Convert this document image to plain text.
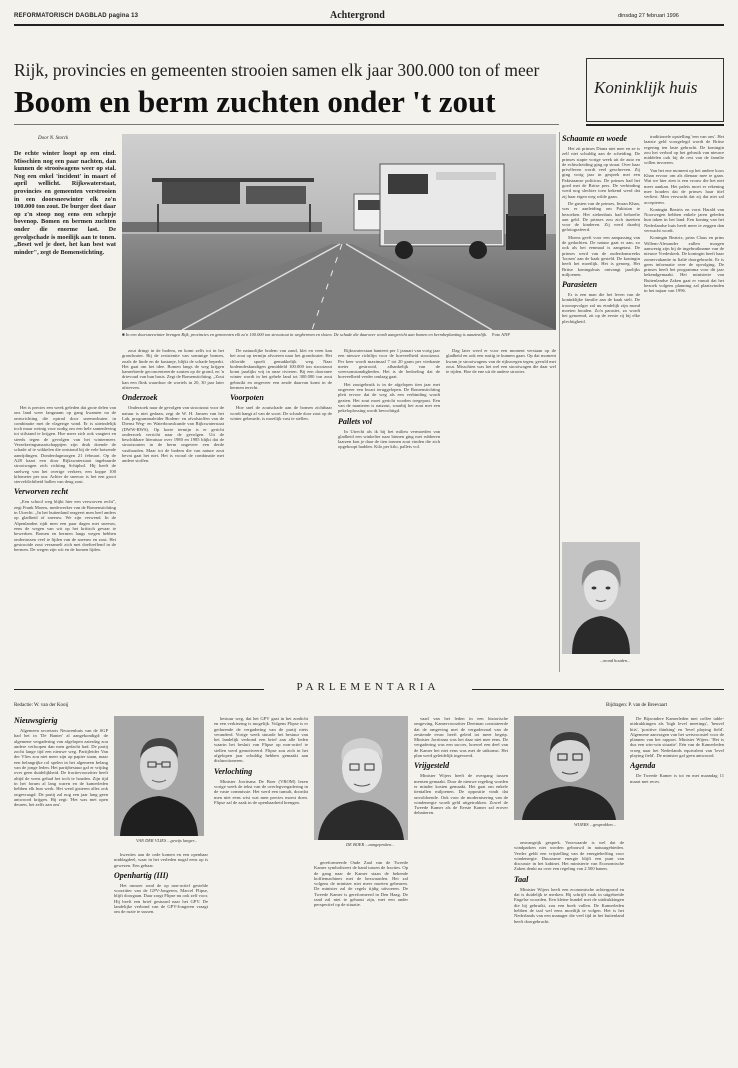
REFORMATORISCH DAGBLAD pagina 13	Achtergrond	dinsdag 27 februari 1996
Rijk, provincies en gemeenten strooien samen elk jaar 300.000 ton of meer
Boom en berm zuchten onder 't zout	Koninklijk huis
Door N. Storck
De echte winter loopt op een eind. Misschien nog een paar nachten, dan kunnen de strooiwagens weer op stal. Nog een enkel 'incident' in maart of april wellicht. Rijkswaterstaat, provincies en gemeenten verstrooien in een doorsneewinter elk zo'n 100.000 ton zout. De burger doet daar op z'n stoop nog eens een schepje bovenop. Bomen en bermen zuchten onder die enorme last. De gevolgschade is moeilijk aan te tonen. „Beset wel je doet, het kan best wat minder", zegt de Bomenstichting.
■ In een doorsneewinter brengen Rijk, provincies en gemeenten elk zo'n 100.000 ton strooizout in wegbermen en sloten. De schade die daarover wordt aangericht aan bomen en bermbeplanting is aanzienlijk. Foto ANP

Het is precies een week geleden dat grote delen van ons land weer langzaam op gang kwamen na de ontwrichting die optrad door sneeuwbuien in combinatie met de vlagerige wind. Er is uiteindelijk toch maar weinig voor nodig om een hele samenleving tot stilstand te krijgen. Hoe meer zich ook vaagtert en steeds tegen de gevolgen van het wintermeer. Verzekeringsmaatschappijen zijn druk doende de schade af te wikkelen die ontstond bij de vele botsende aanrijdingen. Donderdagmorgen 21 februari. Op de A28 kaart een door Rijkswaterstaat ingehuurde strooiwagen zich richting Schiphol. Hij heeft de snelweg van het overige verkeer, een koppe 100 kilometer per uur. Achter de sneeuw is het een groot sterveldichtheid hallen van deug zout.

Verworven recht

„Een school weg blijkt hier een verworven recht", zegt Frank Moens, medewerker van de Bomenstichting in Utrecht. „In het buitenland reageert men heel anders op gladheid of sneeuw. We zijn verwend. In de Alpenlanden rijdt men een paar dagen met sneeuw, eens de wegen van wit op het kritisch gevaar te bewerken. Bomen en bermen langs wegen hebben ondertussen veel te lijden van de sneeuw en zout. Het gestrooide zout verzamelt zich met doeltreffend in de bermen. De wegen zijn wit en de bomen lijden.

zout dringt in de bodem, en komt zelfs tot in het grondwater. Bij de resistentie van sommige bomen, zoals de linde en de kastanje, blijkt de schade beperkt. Het gaat om het idee. Bomen langs de weg krijgen kamerbrede geconcentreerde zouten op de grond, en 'n drievoud van hun basis. Zegt de Bomenstichting. „Zout kan een flink waardoor de wortels in 20, 30 jaar later afsterven.

Onderzoek

Onderzoek naar de gevolgen van strooizout voor de natuur is niet gedaan, zegt de W. H. Jansen van het Lab, programmaleider Bodem- en afvalstoffen van de Dienst Weg- en Waterbouwkunde van Rijkswaterstaat (DWW-RWS). Op korte termijn is er gericht onderzoek verricht naar de gevolgen. Uit de beschikbare literatuur over 1980 en 1985 blijkt dat de strooizouten in de berm ongeveer een derde vasthouden. Maar tot de bodem die van nature zout bevat gaat het niet. Het is vooral de combinatie met andere stoffen.

De natuurlijke bodem van zand, klei en veen kan het zout op termijn afvoeren naar het grondwater. Het chloride spoelt gemakkelijk weg. Naar bodemdeskundigen gemiddeld 100.000 ton strooizout komt jaarlijks vrij in onze rivieren. Bij een doorsnee winter wordt in het gehele land tot 300.000 ton zout gebruikt en ongeveer een zesde daarvan komt in de bermen terecht.

Voorpoten

Hoe snel de zoutschade aan de bomen zichtbaar wordt hangt af van de soort. De schade door zout op de winter gebeurde, is moeilijk vast te stellen.

Rijkswaterstaat hanteert per 1 januari van vorig jaar een nieuwe richtlijn voor de hoeveelheid strooizout. Per keer wordt maximaal 7 tot 20 gram per vierkante meter gestrooid, afhankelijk van de weersomstandigheden. Het is de bedoeling dat de hoeveelheid verder omlaag gaat.

Het zoutgebruik is in de afgelopen tien jaar met ongeveer een kwart teruggelopen. De Bomenstichting pleit ervoor dat de weg als een verbinding wordt gezien. Het zout moet gericht worden toegepast. Een van de manieren is natzout, waarbij het zout met een pekeloplossing wordt bevochtigd.

Pallets vol

In Utrecht als ik bij het milieu vermoeden van gladheid een winkelier naar binnen ging met rubberen laarzen kon je daar de tien tonnen zout vinden die zich opgehoopt hadden. Kilo per kilo, pallets vol.

Dag later werd er voor een moment verstaan op de gladheid en ook een rustig te kunnen gaan. Op dat moment kwam je strooiwagens van de rijkswegen tegen, gevuld met zout. Misschien was het wel een strooiwagen die daar wel te rijden. Hoe de ene uit de andere strooier.

Schaamte en woede

Het zit prinses Diana niet mee en ze is zelf niet schuldig aan de scheiding. De prinses stapte vorige week uit de auto en de echtscheiding ging op straat. Over haar privéleven wordt veel geschreven. Zij ging vorig jaar in gesprek met een Pakistaanse politicus. De prinses had het goed met de Britse pers. De verbinding werd nog slechter toen bekend werd dat zij haar eigen weg wilde gaan.

De gasten van de prinses, Imran Khan, was er aanleiding om Pakistan te bezoeken. Het ziekenhuis had behoefte aan geld. De prinses zou zich inzetten voor de kinderen. Zij werd daarbij gefotografeerd.

Moens geeft voor een aanpassing van de gedachten. De natuur gaat er aan, zo ook als het eenmaal is aangetast. De prinses werd van de ouderdomsreeks 'loosen' aan de kaak gesteld. De koningin heeft het moeilijk. Het is genoeg. Het Britse koningshuis ontvangt jaarlijks miljoenen.

Parasieten

Er is een man die het leven van de koninklijke familie aan de kaak stelt. De troonopvolger zal nu eindelijk zijn mond moeten houden. Zo'n parasiet, zo wordt het genoemd, zit op de eerste rij bij elke plechtigheid.

traditionele opstelling 'een van ons'. Het laatste geld voorgelegd wordt de Britse regering ten laste gebracht. De koningin zou het verbod op het gebruik van nieuwe middelen ook bij de rest van de familie willen invoeren.

Van het ene moment op het andere koos Khan ervoor om als dienaar mee te gaan. Wat we hier zien is een vrouw die het niet meer aankan. Het paleis moet er rekening mee houden dat de prinses haar titel verliest. Men verwacht dat zij dat niet zal accepteren.

Koningin Beatrix en vorst Harald van Noorwegen hebben enkele jaren geleden hun taken in het land. Een koning van het Nederlandse huis heeft meer te zeggen dan verwacht wordt.

Koningin Beatrix, prins Claus en prins Willem-Alexander zullen morgen aanwezig zijn bij de ingebruikname van de nieuwe Vredeskerk. De koningin heeft haar zomervakantie in Italië doorgebracht. Er is geen informatie over de opvolging. De prinses heeft het programma voor dit jaar bekendgemaakt. Het ministerie van Buitenlandse Zaken gaat er vanuit dat het bezoek volgens planning zal plaatsvinden in het najaar van 1996.

...mond houden...
PARLEMENTARIA
Redactie: W. van der Kooij	Bijdragen: P. van de Breevaart
Nieuwsgierig

Algemeen secretaris Neuwenhuis van de SGP had het in 'De Banier' al aangekondigd: de algemene vergadering van afgelopen zaterdag zou andere verloopen dan men gedacht had. De partij zocht lange tijd een nieuwe weg. Partijleider Van der Vlies zou niet meer zijn op papier staan, maar een belangrijke rol spelen in het algemeen belang van de jonge leden. Het partijbestuur gaf er vrijdag over geen duidelijkheid. De fractievoorzitter heeft altijd de wens gehad het toch te houden. Zijn tijd in het forum al lang waren en de kamerleden hebben elk hun werk. Het werd gisteren alles ook ongevraagd. De partij zal nog een jaar lang geen antwoord krijgen. Hij zegt: 'Het was met open deuren, het zelfs aan ons'.

VAN DER VLIES ...gewijs langer...

kwesties aan de orde komen en een openbaar middagdeel, waar in het verleden nogal eens op is gewezen. Een gebaar.

Openhartig (III)

Het rumoer rond de op non-actief gestelde voorzitter van de GPV-Jongeren, Marcel Flipse, blijft doorgaan. Daar zorgt Flipse nu ook zelf voor. Hij heeft een brief gestuurd naar het GPV. De landelijke verbond van de GPV-Jongeren vraagt om de ruzie te sussen.

bestuur weg, dat het GPV gaat in het zonlicht en een verkiezing is mogelijk. Volgens Flipse is er gedurende de vergadering van de partij niets veranderd. Vorige week stuurde het bestuur van het landelijk verbond een brief aan alle leden waarin het besluit van Flipse op non-actief te stellen werd gemotiveerd. Flipse zou zich in het afgelopen jaar schuldig hebben gemaakt aan disfunctioneren.

Verlochting

Minister Jorritsma De Boer (VROM) lezen vorige week de tekst van de overlegvergadering in de vaste commissie. Het werd een tumult, doordat men niet eens wist wat men precies moest doen. Flipse zal de zaak in de openbaarheid brengen.

DE BOER ...aangeproken...

gereformeerde Oude Zaal van de Tweede Kamer symboliseert de band tussen de fracties. Op de gang naar de Kamer staan de bekende koffiemachines met de bezwaarden. Het zal volgens de minister niet meer moeten gebeuren. De minister zal de regels tijdig uitvoeren. De Tweede Kamer is gereformeerd in Den Haag. De raad zal niet te gehaast zijn, met een ander perspectief op de situatie.

vaad van het leden in een historische omgeving. Kamervoorzitter Deetman constateerde dat de omgeving met de vergaderzaal van de zestiende eeuw heeft geleid tot meer begrip. Minister Jorritsma was het daar niet mee eens. De vergadering was een succes, hoewel een deel van de Kamer het niet eens was met de uitkomst. Het plan werd geleidelijk ingevoerd.

Vrijgesteld

Minister Wijers heeft de overgang tussen mensen gemaakt. Door de nieuwe regeling worden er minder kosten gemaakt. Het gaat om enkele tientallen miljoenen. De oppositie vindt dat onvoldoende. Ook voor de modernisering van de windenergie wordt geld uitgetrokken. Zowel de Tweede Kamer als de Eerste Kamer zal erover debatteren.

WIJERS ...gesprekken...

omvangrijk gesprek. Voorwaarde is wel dat de windparken niet worden gebouwd in natuurgebieden. Verder geldt een vrijstelling van de energieheffing voor windenergie. Duurzame energie blijft een punt van discussie in het kabinet. Het ministerie van Economische Zaken denkt na over een regeling van 2.500 banen.

Taal

Minister Wijers heeft een economische achtergrond en dat is duidelijk te merken. Hij schrijft vaak in uitgebreide Engelse woorden. Een kleine bundel met de uitdrukkingen die hij gebruikt, zou een boek vullen. De Kamerleden hebben de taal wel eens moeilijk te volgen. Het is het Nederlands van een manager die veel tijd in het buitenland heeft doorgebracht.

De Bijzondere Kamerleden met coffee table-uitdrukkingen als 'high level meetings', 'heuvel hits', 'positive thinking' en 'level playing field'. Algemene aanvragen van het wetsvoorstel voor de plannen van het rapport. Minister Wijers: 'Het is dus een win-win situatie'. Eén van de Kamerleden vroeg naar het Nederlands equivalent van 'level playing field'. De minister gaf geen antwoord.

Agenda

De Tweede Kamer is tot en met maandag 11 maart met reces.
